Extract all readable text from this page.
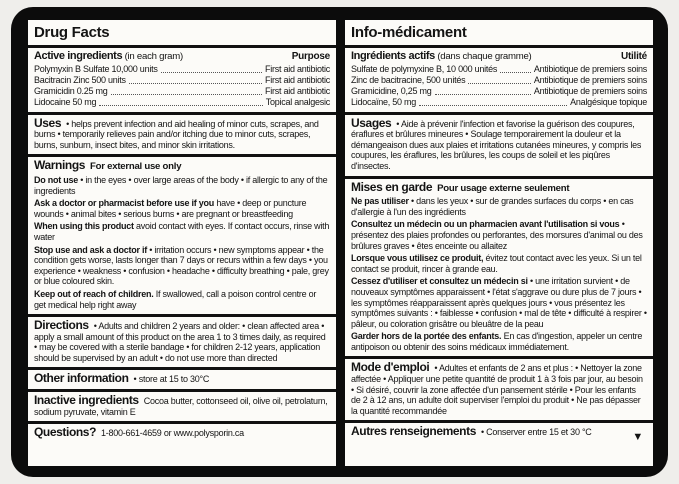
Drug Facts
Active ingredients
(in each gram)	Purpose
Polymyxin B Sulfate 10,000 units	First aid antibiotic
Bacitracin Zinc 500 units	First aid antibiotic
Gramicidin 0.25 mg	First aid antibiotic
Lidocaine 50 mg	Topical analgesic

Uses • helps prevent infection and aid healing of minor cuts, scrapes, and burns • temporarily relieves pain and/or itching due to minor cuts, scrapes, burns, sunburn, insect bites, and minor skin irritations.

Warnings For external use only

Do not use • in the eyes • over large areas of the body • if allergic to any of the ingredients

Ask a doctor or pharmacist before use if you have • deep or puncture wounds • animal bites • serious burns • are pregnant or breastfeeding

When using this product avoid contact with eyes. If contact occurs, rinse with water

Stop use and ask a doctor if • irritation occurs • new symptoms appear • the condition gets worse, lasts longer than 7 days or recurs within a few days • you experience • weakness • confusion • headache • difficulty breathing • pale, grey or blue coloured skin.

Keep out of reach of children. If swallowed, call a poison control centre or get medical help right away

Directions • Adults and children 2 years and older: • clean affected area • apply a small amount of this product on the area 1 to 3 times daily, as required • may be covered with a sterile bandage • for children 2-12 years, application should be supervised by an adult • do not use more than directed

Other information • store at 15 to 30°C

Inactive ingredients Cocoa butter, cottonseed oil, olive oil, petrolatum, sodium pyruvate, vitamin E

Questions? 1-800-661-4659 or www.polysporin.ca

Info-médicament
Ingrédients actifs
(dans chaque gramme)	Utilité
Sulfate de polymyxine B, 10 000 unités	Antibiotique de premiers soins
Zinc de bacitracine, 500 unités	Antibiotique de premiers soins
Gramicidine, 0,25 mg	Antibiotique de premiers soins
Lidocaïne, 50 mg	Analgésique topique

Usages • Aide à prévenir l'infection et favorise la guérison des coupures, éraflures et brûlures mineures • Soulage temporairement la douleur et la démangeaison dues aux plaies et irritations cutanées mineures, y compris les coupures, les éraflures, les brûlures, les coups de soleil et les piqûres d'insectes.

Mises en garde Pour usage externe seulement

Ne pas utiliser • dans les yeux • sur de grandes surfaces du corps • en cas d'allergie à l'un des ingrédients

Consultez un médecin ou un pharmacien avant l'utilisation si vous • présentez des plaies profondes ou perforantes, des morsures d'animal ou des brûlures graves • êtes enceinte ou allaitez

Lorsque vous utilisez ce produit, évitez tout contact avec les yeux. Si un tel contact se produit, rincer à grande eau.

Cessez d'utiliser et consultez un médecin si • une irritation survient • de nouveaux symptômes apparaissent • l'état s'aggrave ou dure plus de 7 jours • les symptômes réapparaissent après quelques jours • vous présentez les symptômes suivants : • faiblesse • confusion • mal de tête • difficulté à respirer • pâleur, ou coloration grisâtre ou bleuâtre de la peau

Garder hors de la portée des enfants. En cas d'ingestion, appeler un centre antipoison ou obtenir des soins médicaux immédiatement.

Mode d'emploi • Adultes et enfants de 2 ans et plus : • Nettoyer la zone affectée • Appliquer une petite quantité de produit 1 à 3 fois par jour, au besoin • Si désiré, couvrir la zone affectée d'un pansement stérile • Pour les enfants de 2 à 12 ans, un adulte doit superviser l'emploi du produit • Ne pas dépasser la quantité recommandée

Autres renseignements • Conserver entre 15 et 30 °C	▼
